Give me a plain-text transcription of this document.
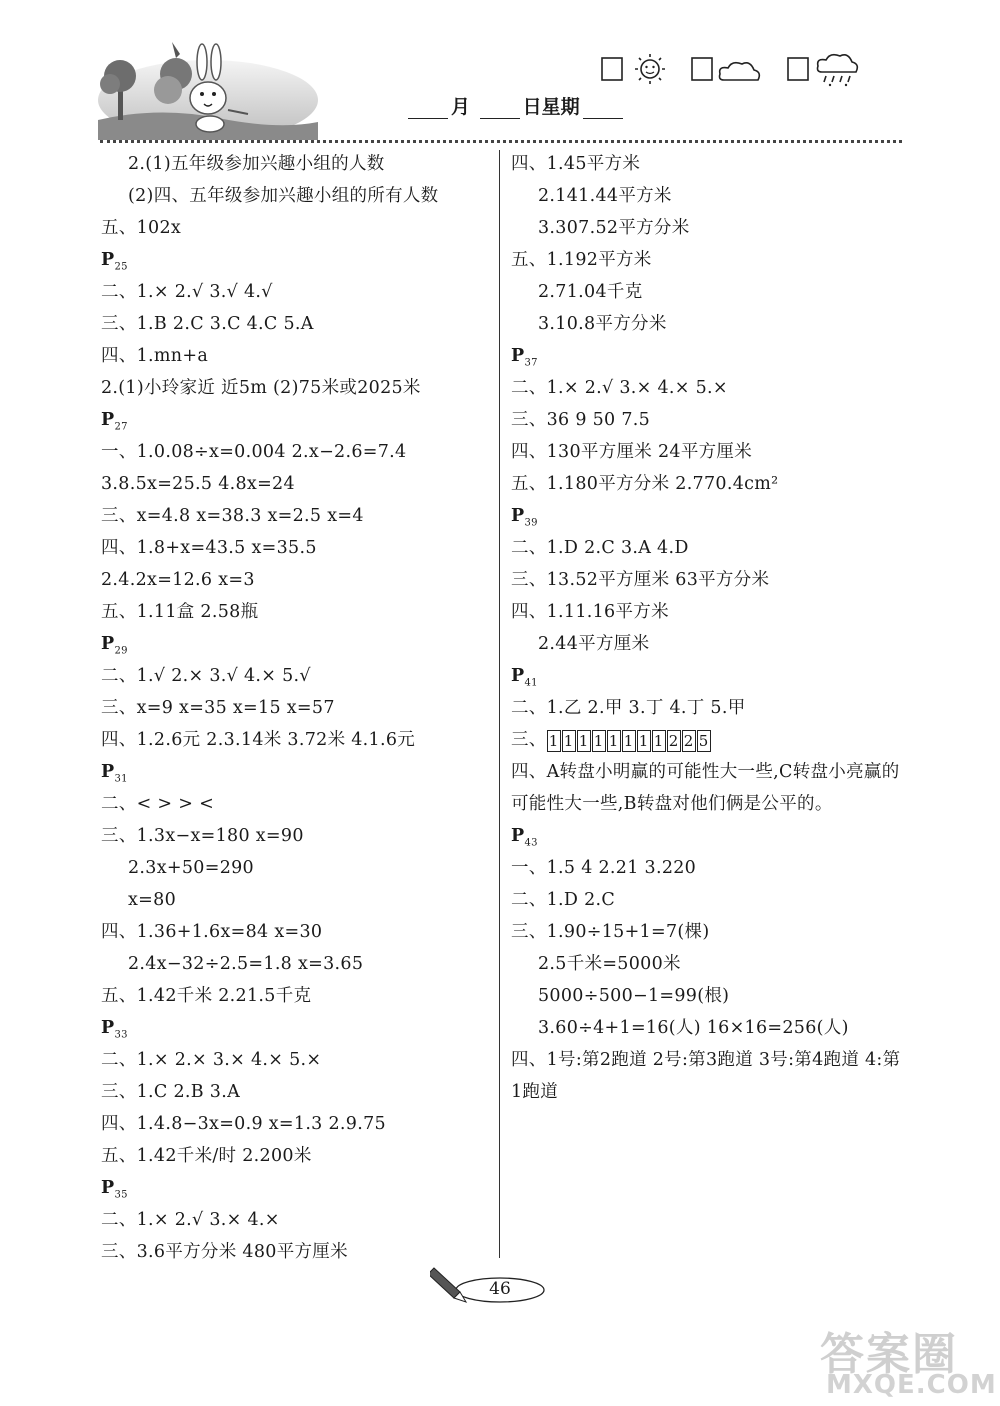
月	日星期
2.(1)五年级参加兴趣小组的人数
(2)四、五年级参加兴趣小组的所有人数
五、102x
$P_{25}$
二、1.× 2.√ 3.√ 4.√
三、1.B 2.C 3.C 4.C 5.A
四、1.mn+a
2.(1)小玲家近 近5m (2)75米或2025米
$P_{27}$
一、1.0.08÷x=0.004 2.x−2.6=7.4
3.8.5x=25.5 4.8x=24
三、x=4.8 x=38.3 x=2.5 x=4
四、1.8+x=43.5 x=35.5
2.4.2x=12.6 x=3
五、1.11盒 2.58瓶
$P_{29}$
二、1.√ 2.× 3.√ 4.× 5.√
三、x=9 x=35 x=15 x=57
四、1.2.6元 2.3.14米 3.72米 4.1.6元
$P_{31}$
二、< > > <
三、1.3x−x=180 x=90
2.3x+50=290
x=80
四、1.36+1.6x=84 x=30
2.4x−32÷2.5=1.8 x=3.65
五、1.42千米 2.21.5千克
$P_{33}$
二、1.× 2.× 3.× 4.× 5.×
三、1.C 2.B 3.A
四、1.4.8−3x=0.9 x=1.3 2.9.75
五、1.42千米/时 2.200米
$P_{35}$
二、1.× 2.√ 3.× 4.×
三、3.6平方分米 480平方厘米
四、1.45平方米
2.141.44平方米
3.307.52平方分米
五、1.192平方米
2.71.04千克
3.10.8平方分米
$P_{37}$
二、1.× 2.√ 3.× 4.× 5.×
三、36 9 50 7.5
四、130平方厘米 24平方厘米
五、1.180平方分米 2.770.4cm²
$P_{39}$
二、1.D 2.C 3.A 4.D
三、13.52平方厘米 63平方分米
四、1.11.16平方米
2.44平方厘米
$P_{41}$
二、1.乙 2.甲 3.丁 4.丁 5.甲
三、 1 1 1 1 1 1 1 1 2 2 5
四、A转盘小明赢的可能性大一些,C转盘小亮赢的可能性大一些,B转盘对他们俩是公平的。
$P_{43}$
一、1.5 4 2.21 3.220
二、1.D 2.C
三、1.90÷15+1=7(棵)
2.5千米=5000米
5000÷500−1=99(根)
3.60÷4+1=16(人) 16×16=256(人)
四、1号:第2跑道 2号:第3跑道 3号:第4跑道 4:第1跑道
46
答案圈
MXQE.COM
